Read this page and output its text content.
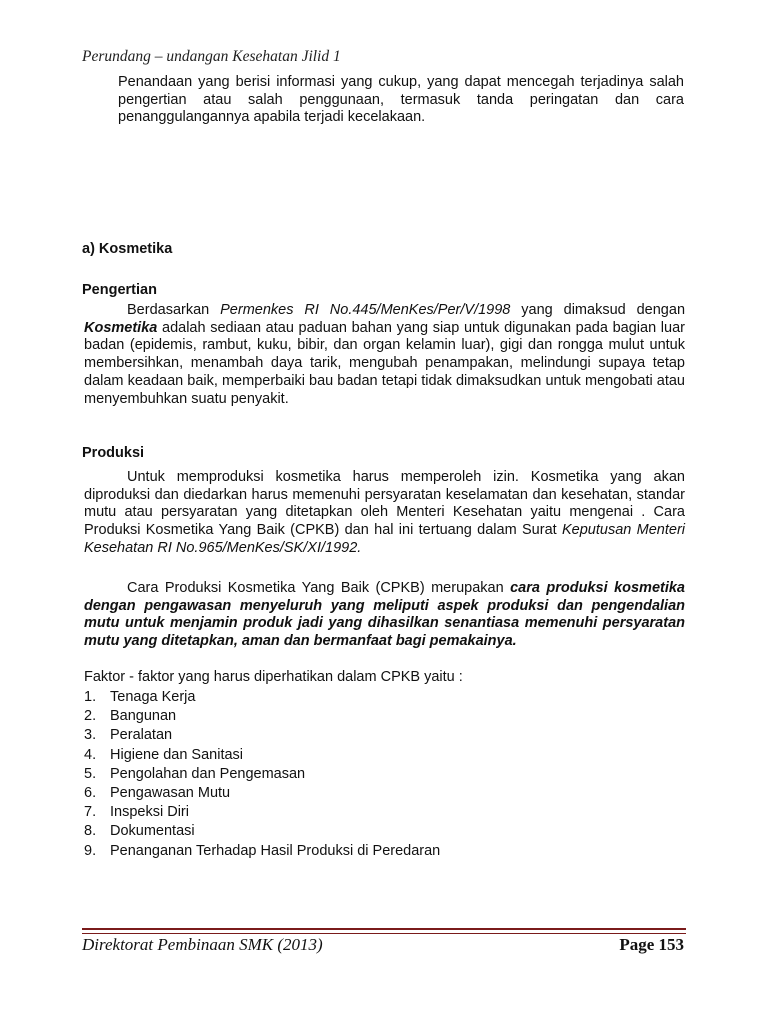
Perundang – undangan Kesehatan Jilid 1

Penandaan yang berisi informasi yang cukup, yang dapat mencegah terjadinya salah pengertian atau salah penggunaan, termasuk tanda peringatan dan cara penanggulangannya apabila terjadi kecelakaan.

a) Kosmetika
Pengertian

Berdasarkan Permenkes RI No.445/MenKes/Per/V/1998 yang dimaksud dengan Kosmetika adalah sediaan atau paduan bahan yang siap untuk digunakan pada bagian luar badan (epidemis, rambut, kuku, bibir, dan organ kelamin luar), gigi dan rongga mulut untuk membersihkan, menambah daya tarik, mengubah penampakan, melindungi supaya tetap dalam keadaan baik, memperbaiki bau badan tetapi tidak dimaksudkan untuk mengobati atau menyembuhkan suatu penyakit.

Produksi

Untuk memproduksi kosmetika harus memperoleh izin. Kosmetika yang akan diproduksi dan diedarkan harus memenuhi persyaratan keselamatan dan kesehatan, standar mutu atau persyaratan yang ditetapkan oleh Menteri Kesehatan yaitu mengenai . Cara Produksi Kosmetika Yang Baik (CPKB) dan hal ini tertuang dalam Surat Keputusan Menteri Kesehatan RI No.965/MenKes/SK/XI/1992.

Cara Produksi Kosmetika Yang Baik (CPKB) merupakan cara produksi kosmetika dengan pengawasan menyeluruh yang meliputi aspek produksi dan pengendalian mutu untuk menjamin produk jadi yang dihasilkan senantiasa memenuhi persyaratan mutu yang ditetapkan, aman dan bermanfaat bagi pemakainya.

Faktor - faktor yang harus diperhatikan dalam CPKB yaitu :
1. Tenaga Kerja
2. Bangunan
3. Peralatan
4. Higiene dan Sanitasi
5. Pengolahan dan Pengemasan
6. Pengawasan Mutu
7. Inspeksi Diri
8. Dokumentasi
9. Penanganan Terhadap Hasil Produksi di Peredaran
Direktorat Pembinaan SMK (2013)	Page 153
